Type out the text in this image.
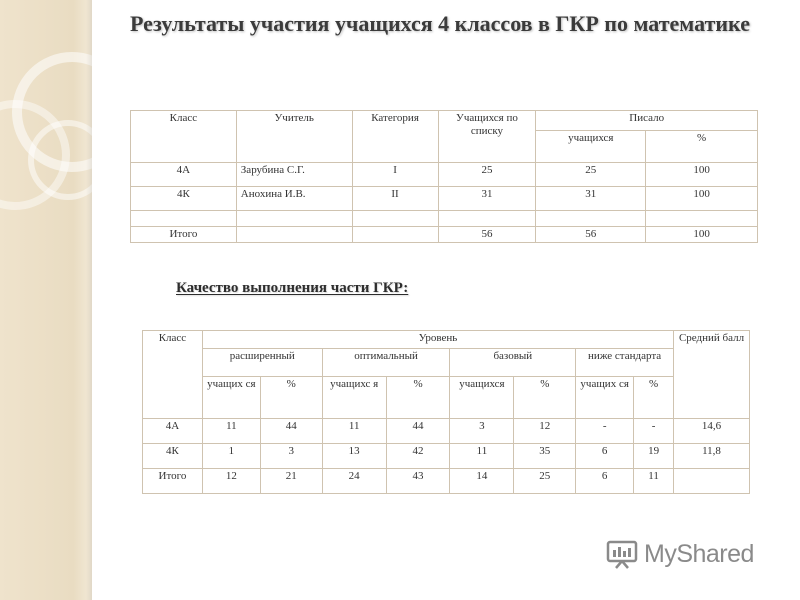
Результаты участия учащихся 4 классов в ГКР по математике
Класс	Учитель	Категория	Учащихся по списку	Писало	
				учащихся	%

4А	Зарубина С.Г.	I	25	25	100
4К	Анохина И.В.	II	31	31	100

Итого			56	56	100
Качество выполнения части ГКР:
Класс	Уровень								Средний балл
	расширенный		оптимальный		базовый		ниже стандарта		
	учащих ся	%	учащихс я	%	учащихся	%	учащих ся	%	
4А	11	44	11	44	3	12	-	-	14,6
4К	1	3	13	42	11	35	6	19	11,8
Итого	12	21	24	43	14	25	6	11	
MyShared
